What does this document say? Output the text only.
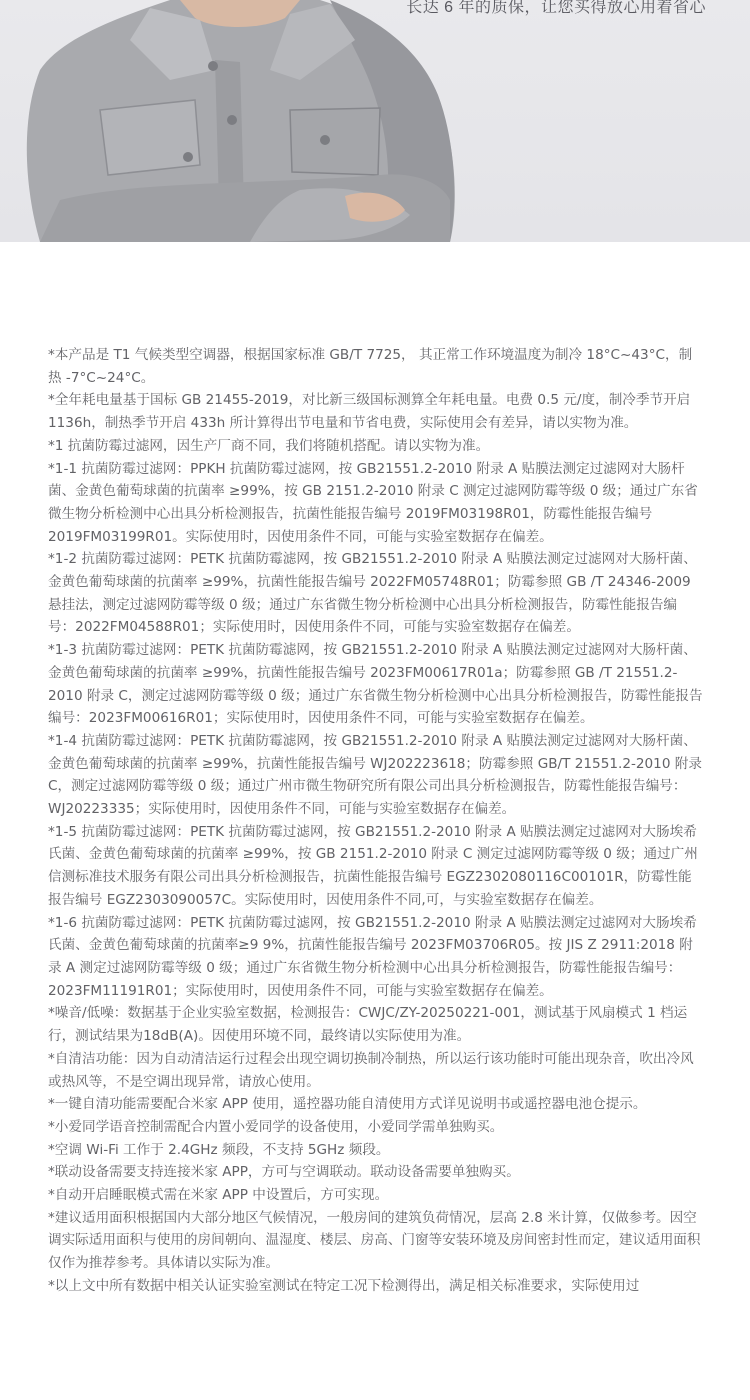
长达 6 年的质保，让您买得放心用着省心

*本产品是 T1 气候类型空调器，根据国家标准 GB/T 7725， 其正常工作环境温度为制冷 18°C~43°C，制热 -7°C~24°C。

*全年耗电量基于国标 GB 21455-2019，对比新三级国标测算全年耗电量。电费 0.5 元/度，制冷季节开启 1136h，制热季节开启 433h 所计算得出节电量和节省电费，实际使用会有差异，请以实物为准。

*1 抗菌防霉过滤网，因生产厂商不同，我们将随机搭配。请以实物为准。

*1-1 抗菌防霉过滤网：PPKH 抗菌防霉过滤网，按 GB21551.2-2010 附录 A 贴膜法测定过滤网对大肠杆菌、金黄色葡萄球菌的抗菌率 ≥99%，按 GB 2151.2-2010 附录 C 测定过滤网防霉等级 0 级；通过广东省微生物分析检测中心出具分析检测报告，抗菌性能报告编号 2019FM03198R01，防霉性能报告编号 2019FM03199R01。实际使用时，因使用条件不同，可能与实验室数据存在偏差。

*1-2 抗菌防霉过滤网：PETK 抗菌防霉滤网，按 GB21551.2-2010 附录 A 贴膜法测定过滤网对大肠杆菌、金黄色葡萄球菌的抗菌率 ≥99%，抗菌性能报告编号 2022FM05748R01；防霉参照 GB /T 24346-2009 悬挂法，测定过滤网防霉等级 0 级；通过广东省微生物分析检测中心出具分析检测报告，防霉性能报告编号：2022FM04588R01；实际使用时，因使用条件不同，可能与实验室数据存在偏差。

*1-3 抗菌防霉过滤网：PETK 抗菌防霉滤网，按 GB21551.2-2010 附录 A 贴膜法测定过滤网对大肠杆菌、金黄色葡萄球菌的抗菌率 ≥99%，抗菌性能报告编号 2023FM00617R01a；防霉参照 GB /T 21551.2-2010 附录 C，测定过滤网防霉等级 0 级；通过广东省微生物分析检测中心出具分析检测报告，防霉性能报告编号：2023FM00616R01；实际使用时，因使用条件不同，可能与实验室数据存在偏差。

*1-4 抗菌防霉过滤网：PETK 抗菌防霉滤网，按 GB21551.2-2010 附录 A 贴膜法测定过滤网对大肠杆菌、金黄色葡萄球菌的抗菌率 ≥99%，抗菌性能报告编号 WJ202223618；防霉参照 GB/T 21551.2-2010 附录 C，测定过滤网防霉等级 0 级；通过广州市微生物研究所有限公司出具分析检测报告，防霉性能报告编号：WJ20223335；实际使用时，因使用条件不同，可能与实验室数据存在偏差。

*1-5 抗菌防霉过滤网：PETK 抗菌防霉过滤网，按 GB21551.2-2010 附录 A 贴膜法测定过滤网对大肠埃希氏菌、金黄色葡萄球菌的抗菌率 ≥99%，按 GB 2151.2-2010 附录 C 测定过滤网防霉等级 0 级；通过广州信测标准技术服务有限公司出具分析检测报告，抗菌性能报告编号 EGZ2302080116C00101R，防霉性能报告编号 EGZ2303090057C。实际使用时，因使用条件不同,可，与实验室数据存在偏差。

*1-6 抗菌防霉过滤网：PETK 抗菌防霉过滤网，按 GB21551.2-2010 附录 A 贴膜法测定过滤网对大肠埃希氏菌、金黄色葡萄球菌的抗菌率≥9 9%，抗菌性能报告编号 2023FM03706R05。按 JIS Z 2911:2018 附录 A 测定过滤网防霉等级 0 级；通过广东省微生物分析检测中心出具分析检测报告，防霉性能报告编号：2023FM11191R01；实际使用时，因使用条件不同，可能与实验室数据存在偏差。

*噪音/低噪：数据基于企业实验室数据，检测报告：CWJC/ZY-20250221-001，测试基于风扇模式 1 档运行，测试结果为18dB(A)。因使用环境不同，最终请以实际使用为准。

*自清洁功能：因为自动清洁运行过程会出现空调切换制冷制热，所以运行该功能时可能出现杂音，吹出冷风或热风等，不是空调出现异常，请放心使用。

*一键自清功能需要配合米家 APP 使用，遥控器功能自清使用方式详见说明书或遥控器电池仓提示。

*小爱同学语音控制需配合内置小爱同学的设备使用，小爱同学需单独购买。

*空调 Wi-Fi 工作于 2.4GHz 频段，不支持 5GHz 频段。

*联动设备需要支持连接米家 APP，方可与空调联动。联动设备需要单独购买。

*自动开启睡眠模式需在米家 APP 中设置后，方可实现。

*建议适用面积根据国内大部分地区气候情况，一般房间的建筑负荷情况，层高 2.8 米计算，仅做参考。因空调实际适用面积与使用的房间朝向、温湿度、楼层、房高、门窗等安装环境及房间密封性而定，建议适用面积仅作为推荐参考。具体请以实际为准。

*以上文中所有数据中相关认证实验室测试在特定工况下检测得出，满足相关标准要求，实际使用过
